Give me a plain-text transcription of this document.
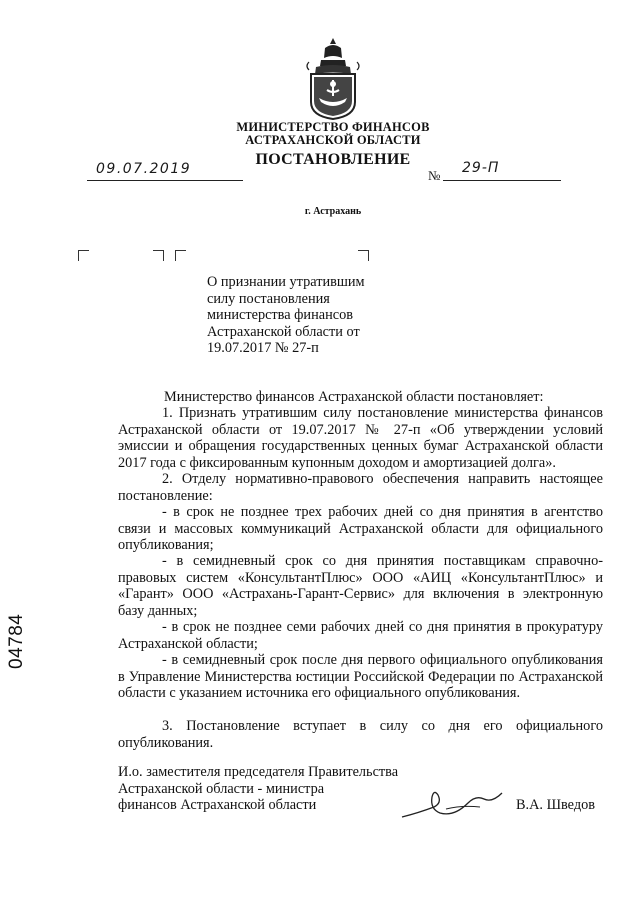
МИНИСТЕРСТВО ФИНАНСОВ
АСТРАХАНСКОЙ ОБЛАСТИ
ПОСТАНОВЛЕНИЕ
09.07.2019	№ 29-П
г. Астрахань
О признании утратившим
силу постановления
министерства финансов
Астраханской области от
19.07.2017 № 27-п
Министерство финансов Астраханской области постановляет:
1. Признать утратившим силу постановление министерства финансов Астраханской области от 19.07.2017 № 27-п «Об утверждении условий эмиссии и обращения государственных ценных бумаг Астраханской области 2017 года с фиксированным купонным доходом и амортизацией долга».
2. Отделу нормативно-правового обеспечения направить настоящее постановление:
- в срок не позднее трех рабочих дней со дня принятия в агентство связи и массовых коммуникаций Астраханской области для официального опубликования;
- в семидневный срок со дня принятия поставщикам справочно-правовых систем «КонсультантПлюс» ООО «АИЦ «КонсультантПлюс» и «Гарант» ООО «Астрахань-Гарант-Сервис» для включения в электронную базу данных;
- в срок не позднее семи рабочих дней со дня принятия в прокуратуру Астраханской области;
- в семидневный срок после дня первого официального опубликования в Управление Министерства юстиции Российской Федерации по Астраханской области с указанием источника его официального опубликования.
3. Постановление вступает в силу со дня его официального опубликования.
И.о. заместителя председателя Правительства
Астраханской области - министра
финансов Астраханской области	В.А. Шведов
04784
